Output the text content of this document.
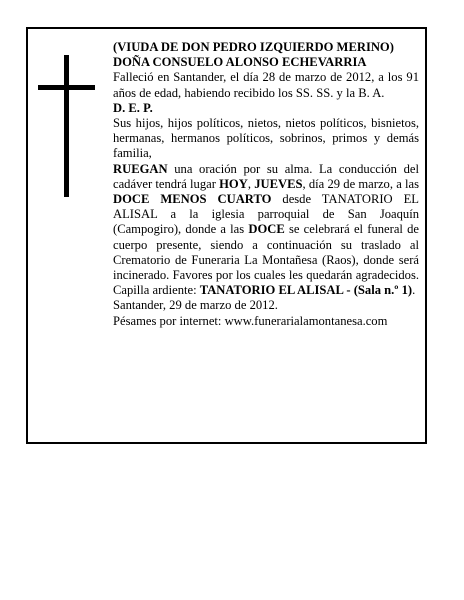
(VIUDA DE DON PEDRO IZQUIERDO MERINO)

DOÑA CONSUELO ALONSO ECHEVARRIA

Falleció en Santander, el día 28 de marzo de 2012, a los 91 años de edad, habiendo recibido los SS. SS. y la B. A.

D. E. P.

Sus hijos, hijos políticos, nietos, nietos políticos, bisnietos, hermanas, hermanos políticos, sobrinos, primos y demás familia,

RUEGAN una oración por su alma. La conducción del cadáver tendrá lugar HOY, JUEVES, día 29 de marzo, a las DOCE MENOS CUARTO desde TANATORIO EL ALISAL a la iglesia parroquial de San Joaquín (Campogiro), donde a las DOCE se celebrará el funeral de cuerpo presente, siendo a continuación su traslado al Crematorio de Funeraria La Montañesa (Raos), donde será incinerado. Favores por los cuales les quedarán agradecidos. Capilla ardiente: TANATORIO EL ALISAL - (Sala n.º 1).

Santander, 29 de marzo de 2012.

Pésames por internet: www.funerarialamontanesa.com
